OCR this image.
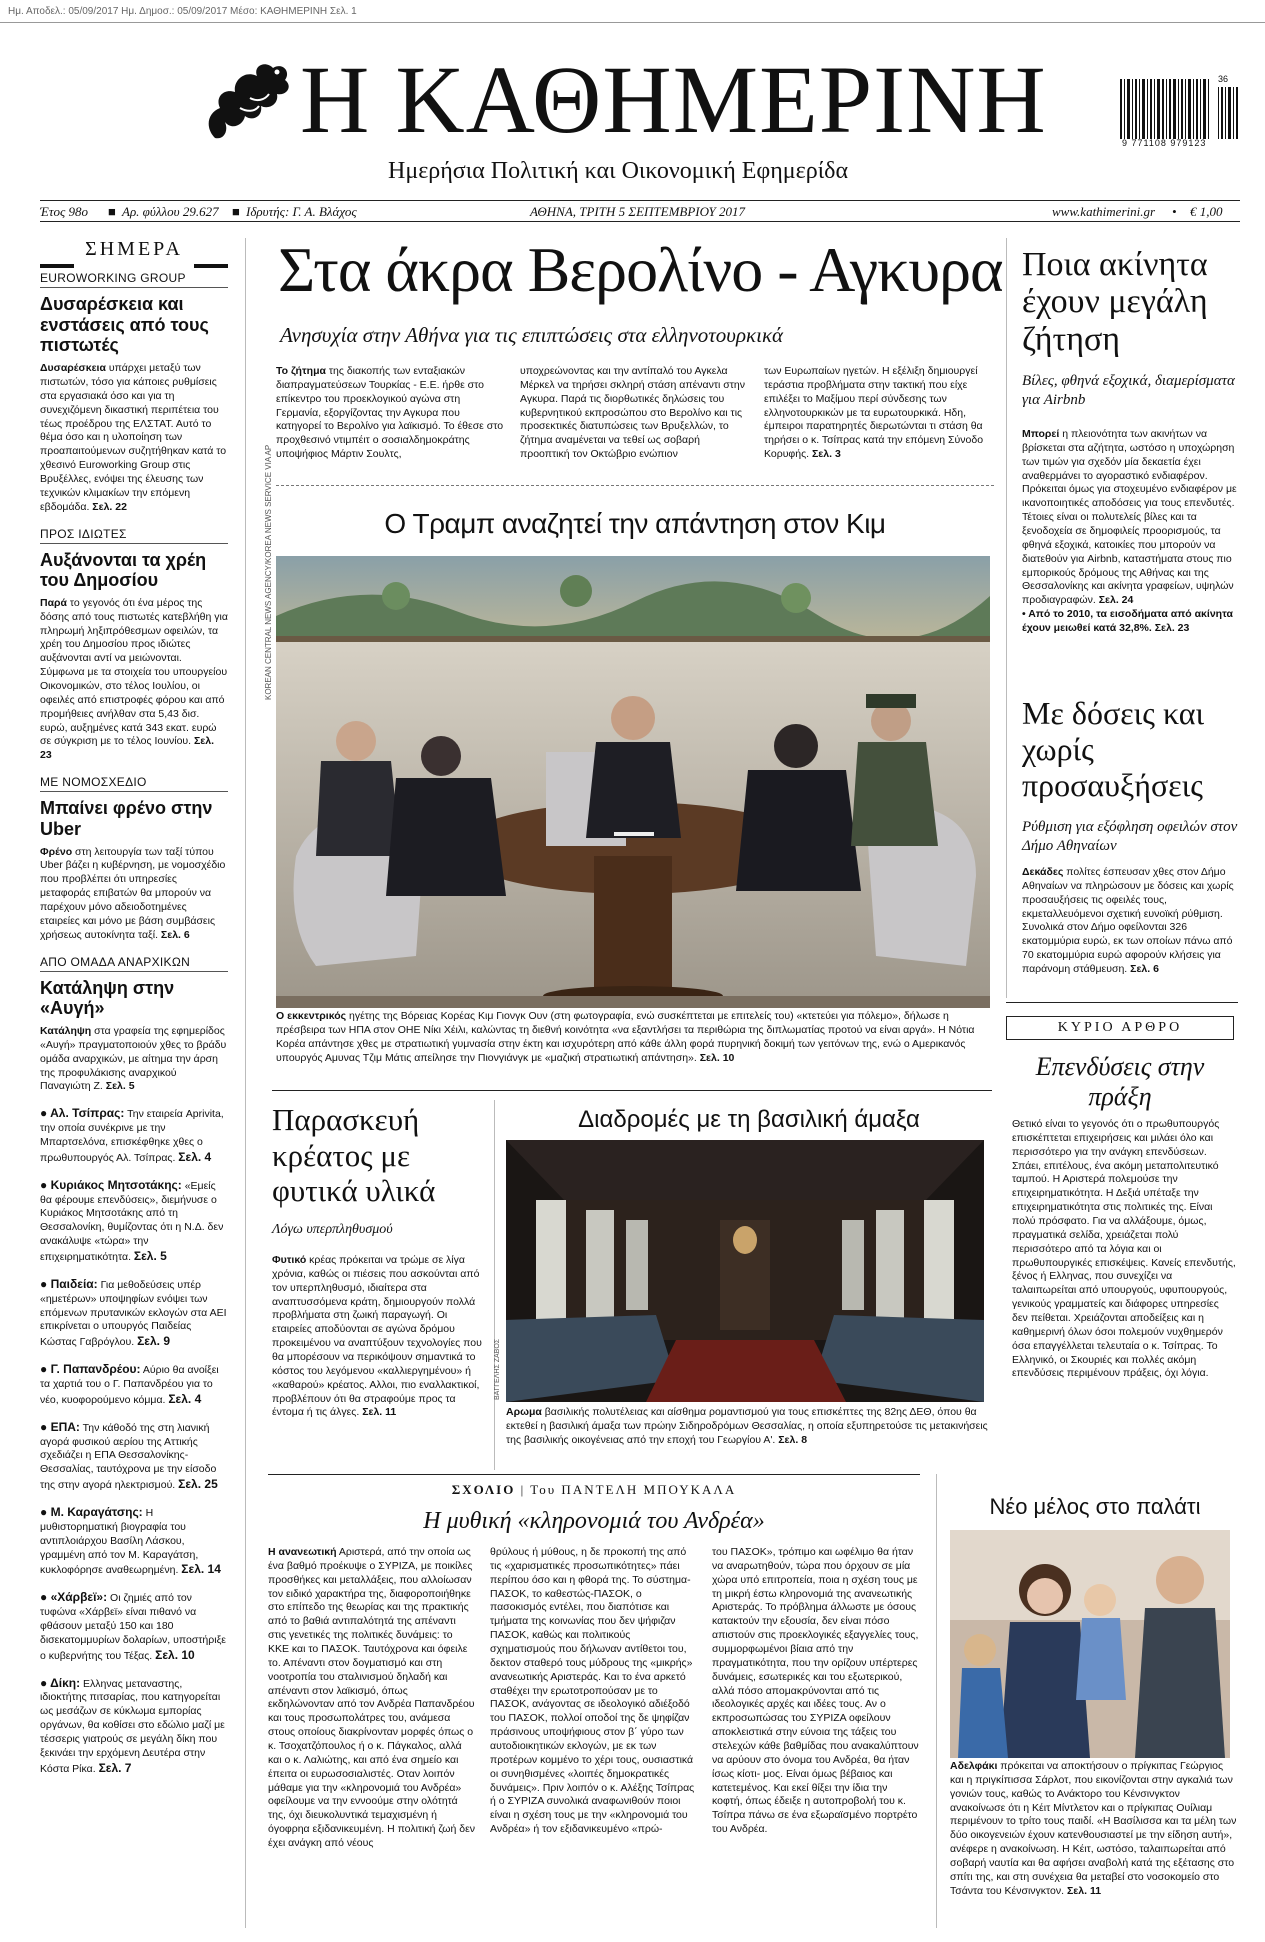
Ημ. Αποδελ.: 05/09/2017 Ημ. Δημοσ.: 05/09/2017 Μέσο: ΚΑΘΗΜΕΡΙΝΗ Σελ. 1
Η ΚΑΘΗΜΕΡΙΝΗ
Ημερήσια Πολιτική και Οικονομική Εφημερίδα
9 771108 979123
36
Έτος 98ο ■ Αρ. φύλλου 29.627 ■ Ιδρυτής: Γ. Α. Βλάχος	ΑΘΗΝΑ, ΤΡΙΤΗ 5 ΣΕΠΤΕΜΒΡΙΟΥ 2017	www.kathimerini.gr • € 1,00
ΣΗΜΕΡΑ
EUROWORKING GROUP
Δυσαρέσκεια και ενστάσεις από τους πιστωτές
Δυσαρέσκεια υπάρχει μεταξύ των πιστωτών, τόσο για κάποιες ρυθμίσεις στα εργασιακά όσο και για τη συνεχιζόμενη δικαστική περιπέτεια του τέως προέδρου της ΕΛΣΤΑΤ. Αυτό το θέμα όσο και η υλοποίηση των προαπαιτούμενων συζητήθηκαν κατά το χθεσινό Euroworking Group στις Βρυξέλλες, ενόψει της έλευσης των τεχνικών κλιμακίων την επόμενη εβδομάδα. Σελ. 22
ΠΡΟΣ ΙΔΙΩΤΕΣ
Αυξάνονται τα χρέη του Δημοσίου
Παρά το γεγονός ότι ένα μέρος της δόσης από τους πιστωτές κατεβλήθη για πληρωμή ληξιπρόθεσμων οφειλών, τα χρέη του Δημοσίου προς ιδιώτες αυξάνονται αντί να μειώνονται. Σύμφωνα με τα στοιχεία του υπουργείου Οικονομικών, στο τέλος Ιουλίου, οι οφειλές από επιστροφές φόρου και από προμήθειες ανήλθαν στα 5,43 δισ. ευρώ, αυξημένες κατά 343 εκατ. ευρώ σε σύγκριση με το τέλος Ιουνίου. Σελ. 23
ΜΕ ΝΟΜΟΣΧΕΔΙΟ
Μπαίνει φρένο στην Uber
Φρένο στη λειτουργία των ταξί τύπου Uber βάζει η κυβέρνηση, με νομοσχέδιο που προβλέπει ότι υπηρεσίες μεταφοράς επιβατών θα μπορούν να παρέχουν μόνο αδειοδοτημένες εταιρείες και μόνο με βάση συμβάσεις χρήσεως αυτοκίνητα ταξί. Σελ. 6
ΑΠΟ ΟΜΑΔΑ ΑΝΑΡΧΙΚΩΝ
Κατάληψη στην «Αυγή»
Κατάληψη στα γραφεία της εφημερίδος «Αυγή» πραγματοποιούν χθες το βράδυ ομάδα αναρχικών, με αίτημα την άρση της προφυλάκισης αναρχικού Παναγιώτη Ζ. Σελ. 5
● Αλ. Τσίπρας: Την εταιρεία Aprivita, την οποία συνέκρινε με την Μπαρτσελόνα, επισκέφθηκε χθες ο πρωθυπουργός Αλ. Τσίπρας. Σελ. 4
● Κυριάκος Μητσοτάκης: «Εμείς θα φέρουμε επενδύσεις», διεμήνυσε ο Κυριάκος Μητσοτάκης από τη Θεσσαλονίκη, θυμίζοντας ότι η Ν.Δ. δεν ανακάλυψε «τώρα» την επιχειρηματικότητα. Σελ. 5
● Παιδεία: Για μεθοδεύσεις υπέρ «ημετέρων» υποψηφίων ενόψει των επόμενων πρυτανικών εκλογών στα ΑΕΙ επικρίνεται ο υπουργός Παιδείας Κώστας Γαβρόγλου. Σελ. 9
● Γ. Παπανδρέου: Αύριο θα ανοίξει τα χαρτιά του ο Γ. Παπανδρέου για το νέο, κυοφορούμενο κόμμα. Σελ. 4
● ΕΠΑ: Την κάθοδό της στη λιανική αγορά φυσικού αερίου της Αττικής σχεδιάζει η ΕΠΑ Θεσσαλονίκης-Θεσσαλίας, ταυτόχρονα με την είσοδο της στην αγορά ηλεκτρισμού. Σελ. 25
● Μ. Καραγάτσης: Η μυθιστορηματική βιογραφία του αντιπλοιάρχου Βασίλη Λάσκου, γραμμένη από τον Μ. Καραγάτση, κυκλοφόρησε αναθεωρημένη. Σελ. 14
● «Χάρβεϊ»: Οι ζημιές από τον τυφώνα «Χάρβεϊ» είναι πιθανό να φθάσουν μεταξύ 150 και 180 δισεκατομμυρίων δολαρίων, υποστήριξε ο κυβερνήτης του Τέξας. Σελ. 10
● Δίκη: Ελληνας μεταναστης, ιδιοκτήτης πιτσαρίας, που κατηγορείται ως μεσάζων σε κύκλωμα εμπορίας οργάνων, θα κοθίσει στο εδώλιο μαζί με τέσσερις γιατρούς σε μεγάλη δίκη που ξεκινάει την ερχόμενη Δευτέρα στην Κόστα Ρίκα. Σελ. 7
Στα άκρα Βερολίνο - Αγκυρα
Ανησυχία στην Αθήνα για τις επιπτώσεις στα ελληνοτουρκικά
Το ζήτημα της διακοπής των ενταξιακών διαπραγματεύσεων Τουρκίας - Ε.Ε. ήρθε στο επίκεντρο του προεκλογικού αγώνα στη Γερμανία, εξοργίζοντας την Αγκυρα που κατηγορεί το Βερολίνο για λαϊκισμό. Το έθεσε στο προχθεσινό ντιμπέιτ ο σοσιαλδημοκράτης υποψήφιος Μάρτιν Σουλτς,
υποχρεώνοντας και την αντίπαλό του Αγκελα Μέρκελ να τηρήσει σκληρή στάση απέναντι στην Αγκυρα. Παρά τις διορθωτικές δηλώσεις του κυβερνητικού εκπροσώπου στο Βερολίνο και τις προσεκτικές διατυπώσεις των Βρυξελλών, το ζήτημα αναμένεται να τεθεί ως σοβαρή προοπτική τον Οκτώβριο ενώπιον
των Ευρωπαίων ηγετών. Η εξέλιξη δημιουργεί τεράστια προβλήματα στην τακτική που είχε επιλέξει το Μαξίμου περί σύνδεσης των ελληνοτουρκικών με τα ευρωτουρκικά. Ηδη, έμπειροι παρατηρητές διερωτώνται τι στάση θα τηρήσει ο κ. Τσίπρας κατά την επόμενη Σύνοδο Κορυφής. Σελ. 3
Ο Τραμπ αναζητεί την απάντηση στον Κιμ
KOREAN CENTRAL NEWS AGENCY/KOREA NEWS SERVICE VIA AP
Ο εκκεντρικός ηγέτης της Βόρειας Κορέας Κιμ Γιονγκ Ουν (στη φωτογραφία, ενώ συσκέπτεται με επιτελείς του) «κτετεύει για πόλεμο», δήλωσε η πρέσβειρα των ΗΠΑ στον ΟΗΕ Νίκι Χέιλι, καλώντας τη διεθνή κοινότητα «να εξαντλήσει τα περιθώρια της διπλωματίας προτού να είναι αργά». Η Νότια Κορέα απάντησε χθες με στρατιωτική γυμνασία στην έκτη και ισχυρότερη από κάθε άλλη φορά πυρηνική δοκιμή των γειτόνων της, ενώ ο Αμερικανός υπουργός Αμυνας Τζιμ Μάτις απείλησε την Πιονγιάνγκ με «μαζική στρατιωτική απάντηση». Σελ. 10
Παρασκευή κρέατος με φυτικά υλικά
Λόγω υπερπληθυσμού
Φυτικό κρέας πρόκειται να τρώμε σε λίγα χρόνια, καθώς οι πιέσεις που ασκούνται από τον υπερπληθυσμό, ιδιαίτερα στα αναπτυσσόμενα κράτη, δημιουργούν πολλά προβλήματα στη ζωική παραγωγή. Οι εταιρείες αποδύονται σε αγώνα δρόμου προκειμένου να αναπτύξουν τεχνολογίες που θα μπορέσουν να περικόψουν σημαντικά το κόστος του λεγόμενου «καλλιεργημένου» ή «καθαρού» κρέατος. Αλλοι, πιο εναλλακτικοί, προβλέπουν ότι θα στραφούμε προς τα έντομα ή τις άλγες. Σελ. 11
Διαδρομές με τη βασιλική άμαξα
ΒΑΓΓΕΛΗΣ ΖΑΒΟΣ
Αρωμα βασιλικής πολυτέλειας και αίσθημα ρομαντισμού για τους επισκέπτες της 82ης ΔΕΘ, όπου θα εκτεθεί η βασιλική άμαξα των πρώην Σιδηροδρόμων Θεσσαλίας, η οποία εξυπηρετούσε τις μετακινήσεις της βασιλικής οικογένειας από την εποχή του Γεωργίου Α'. Σελ. 8
ΣΧΟΛΙΟ | Του ΠΑΝΤΕΛΗ ΜΠΟΥΚΑΛΑ
Η μυθική «κληρονομιά του Ανδρέα»
Η ανανεωτική Αριστερά, από την οποία ως ένα βαθμό προέκυψε ο ΣΥΡΙΖΑ, με ποικίλες προσθήκες και μεταλλάξεις, που αλλοίωσαν τον ειδικό χαρακτήρα της, διαφοροποιήθηκε στο επίπεδο της θεωρίας και της πρακτικής από το βαθιά αντιπαλότητά της απέναντι στις γενετικές της πολιτικές δυνάμεις: το ΚΚΕ και το ΠΑΣΟΚ. Ταυτόχρονα και όφειλε το. Απέναντι στον δογματισμό και στη νοοτροπία του σταλινισμού δηλαδή και απέναντι στον λαϊκισμό, όπως εκδηλώνονταν από τον Ανδρέα Παπανδρέου και τους προσωπολάτρες του, ανάμεσα στους οποίους διακρίνονταν μορφές όπως ο κ. Τσοχατζόπουλος ή ο κ. Πάγκαλος, αλλά και ο κ. Λαλιώτης, και από ένα σημείο και έπειτα οι ευρωσοσιαλιστές. Οταν λοιπόν μάθαμε για την «κληρονομιά του Ανδρέα» οφείλουμε να την εννοούμε στην ολότητά της, όχι διευκολυντικά τεμαχισμένη ή όγοφρηα εξιδανικευμένη. Η πολιτική ζωή δεν έχει ανάγκη από νέους
θρύλους ή μύθους, η δε προκοπή της από τις «χαρισματικές προσωπικότητες» πάει περίπου όσο και η φθορά της. Το σύστημα-ΠΑΣΟΚ, το καθεστώς-ΠΑΣΟΚ, ο πασοκισμός εντέλει, που διαπότισε και τμήματα της κοινωνίας που δεν ψήφιζαν ΠΑΣΟΚ, καθώς και πολιτικούς σχηματισμούς που δήλωναν αντίθετοι του, δεκτον σταθερό τους μύδρους της «μικρής» ανανεωτικής Αριστεράς. Και το ένα αρκετό σταθέχει την ερωτοτροπούσαν με το ΠΑΣΟΚ, ανάγοντας σε ιδεολογικό αδιέξοδό του ΠΑΣΟΚ, πολλοί οποδοί της δε ψηφίζαν πράσινους υποψήφιους στον β΄ γύρο των αυτοδιοικητικών εκλογών, με εκ των προτέρων κομμένο το χέρι τους, ουσιαστικά οι συνηθισμένες «λοιπές δημοκρατικές δυνάμεις». Πριν λοιπόν ο κ. Αλέξης Τσίπρας ή ο ΣΥΡΙΖΑ συνολικά αναφωνιθούν ποιοι είναι η σχέση τους με την «κληρονομιά του Ανδρέα» ή τον εξιδανικευμένο «πρώ-
του ΠΑΣΟΚ», τρόπιμο και ωφέλιμο θα ήταν να αναρωτηθούν, τώρα που όρχουν σε μία χώρα υπό επιτροπεία, ποια η σχέση τους με τη μικρή έστω κληρονομιά της ανανεωτικής Αριστεράς. Το πρόβλημα άλλωστε με όσους κατακτούν την εξουσία, δεν είναι πόσο απιστούν στις προεκλογικές εξαγγελίες τους, συμμορφωμένοι βίαια από την πραγματικότητα, που την ορίζουν υπέρτερες δυνάμεις, εσωτερικές και του εξωτερικού, αλλά πόσο απομακρύνονται από τις ιδεολογικές αρχές και ιδέες τους. Αν ο εκπροσωπώσας του ΣΥΡΙΖΑ οφείλουν αποκλειστικά στην εύνοια της τάξεις του στελεχών κάθε βαθμίδας που ανακαλύπτουν να αρύουν στο όνομα του Ανδρέα, θα ήταν ίσως κίοτι- μος. Είναι όμως βέβαιος και κατετεμένος. Και εκεί θίξει την ίδια την κοφτή, όπως έδειξε η αυτοπροβολή του κ. Τσίπρα πάνω σε ένα εξωραϊσμένο πορτρέτο του Ανδρέα.
Ποια ακίνητα έχουν μεγάλη ζήτηση
Βίλες, φθηνά εξοχικά, διαμερίσματα για Airbnb
Μπορεί η πλειονότητα των ακινήτων να βρίσκεται στα αζήτητα, ωστόσο η υποχώρηση των τιμών για σχεδόν μία δεκαετία έχει αναθερμάνει το αγοραστικό ενδιαφέρον. Πρόκειται όμως για στοχευμένο ενδιαφέρον με ικανοποιητικές αποδόσεις για τους επενδυτές. Τέτοιες είναι οι πολυτελείς βίλες και τα ξενοδοχεία σε δημοφιλείς προορισμούς, τα φθηνά εξοχικά, κατοικίες που μπορούν να διατεθούν για Airbnb, καταστήματα στους πιο εμπορικούς δρόμους της Αθήνας και της Θεσσαλονίκης και ακίνητα γραφείων, υψηλών προδιαγραφών. Σελ. 24
• Από το 2010, τα εισοδήματα από ακίνητα έχουν μειωθεί κατά 32,8%. Σελ. 23
Με δόσεις και χωρίς προσαυξήσεις
Ρύθμιση για εξόφληση οφειλών στον Δήμο Αθηναίων
Δεκάδες πολίτες έσπευσαν χθες στον Δήμο Αθηναίων να πληρώσουν με δόσεις και χωρίς προσαυξήσεις τις οφειλές τους, εκμεταλλευόμενοι σχετική ευνοϊκή ρύθμιση. Συνολικά στον Δήμο οφείλονται 326 εκατομμύρια ευρώ, εκ των οποίων πάνω από 70 εκατομμύρια ευρώ αφορούν κλήσεις για παράνομη στάθμευση. Σελ. 6
ΚΥΡΙΟ ΑΡΘΡΟ
Επενδύσεις στην πράξη
Θετικό είναι το γεγονός ότι ο πρωθυπουργός επισκέπτεται επιχειρήσεις και μιλάει όλο και περισσότερο για την ανάγκη επενδύσεων. Σπάει, επιτέλους, ένα ακόμη μεταπολιτευτικό ταμπού. Η Αριστερά πολεμούσε την επιχειρηματικότητα. Η Δεξιά υπέταξε την επιχειρηματικότητα στις πολιτικές της. Είναι πολύ πρόσφατο. Για να αλλάξουμε, όμως, πραγματικά σελίδα, χρειάζεται πολύ περισσότερο από τα λόγια και οι πρωθυπουργικές επισκέψεις. Κανείς επενδυτής, ξένος ή Ελληνας, που συνεχίζει να ταλαιπωρείται από υπουργούς, υφυπουργούς, γενικούς γραμματείς και διάφορες υπηρεσίες δεν πείθεται. Χρειάζονται αποδείξεις και η καθημερινή όλων όσοι πολεμούν νυχθημερόν όσα επαγγέλλεται τελευταία ο κ. Τσίπρας. Το Ελληνικό, οι Σκουριές και πολλές ακόμη επενδύσεις περιμένουν πράξεις, όχι λόγια.
Νέο μέλος στο παλάτι
Αδελφάκι πρόκειται να αποκτήσουν ο πρίγκιπας Γεώργιος και η πριγκίπισσα Σάρλοτ, που εικονίζονται στην αγκαλιά των γονιών τους, καθώς το Ανάκτορο του Κένσινγκτον ανακοίνωσε ότι η Κέιτ Μίντλετον και ο πρίγκιπας Ουίλιαμ περιμένουν το τρίτο τους παιδί. «Η Βασίλισσα και τα μέλη των δύο οικογενειών έχουν κατενθουσιαστεί με την είδηση αυτή», ανέφερε η ανακοίνωση. Η Κέιτ, ωστόσο, ταλαιπωρείται από σοβαρή ναυτία και θα αφήσει αναβολή κατά της εξέτασης στο σπίτι της, και στη συνέχεια θα μεταβεί στο νοσοκομείο στο Τσάντα του Κένσινγκτον. Σελ. 11
